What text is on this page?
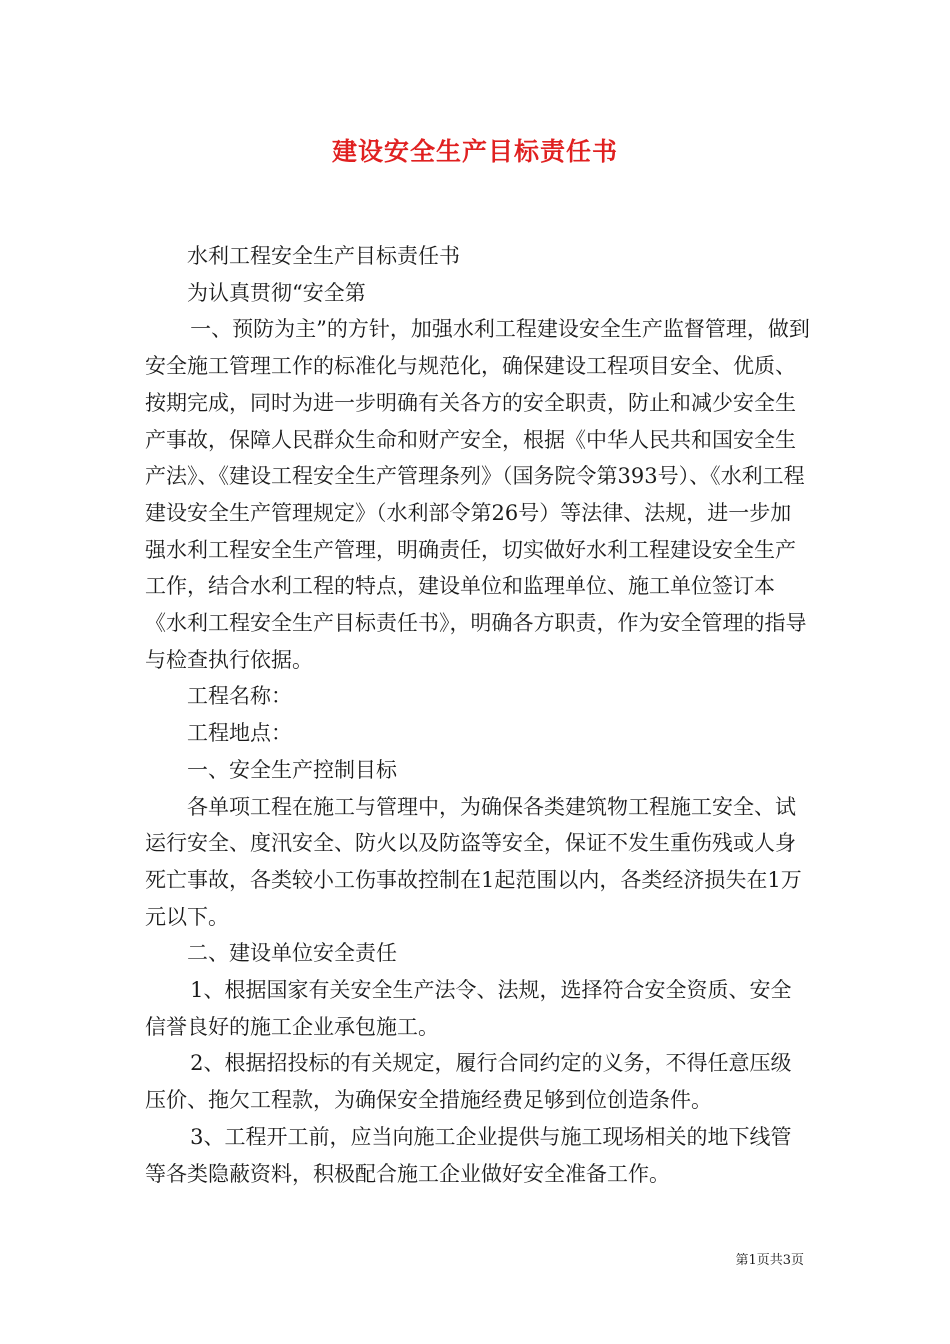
建设安全生产目标责任书

水利工程安全生产目标责任书

为认真贯彻“安全第

一、预防为主”的方针，加强水利工程建设安全生产监督管理，做到安全施工管理工作的标准化与规范化，确保建设工程项目安全、优质、按期完成，同时为进一步明确有关各方的安全职责，防止和减少安全生产事故，保障人民群众生命和财产安全，根据《中华人民共和国安全生产法》、《建设工程安全生产管理条列》（国务院令第393号）、《水利工程建设安全生产管理规定》（水利部令第26号）等法律、法规，进一步加强水利工程安全生产管理，明确责任，切实做好水利工程建设安全生产工作，结合水利工程的特点，建设单位和监理单位、施工单位签订本《水利工程安全生产目标责任书》，明确各方职责，作为安全管理的指导与检查执行依据。

工程名称：

工程地点：

一、安全生产控制目标

各单项工程在施工与管理中，为确保各类建筑物工程施工安全、试运行安全、度汛安全、防火以及防盗等安全，保证不发生重伤残或人身死亡事故，各类较小工伤事故控制在1起范围以内，各类经济损失在1万元以下。

二、建设单位安全责任

1、根据国家有关安全生产法令、法规，选择符合安全资质、安全信誉良好的施工企业承包施工。

2、根据招投标的有关规定，履行合同约定的义务，不得任意压级压价、拖欠工程款，为确保安全措施经费足够到位创造条件。

3、工程开工前，应当向施工企业提供与施工现场相关的地下线管等各类隐蔽资料，积极配合施工企业做好安全准备工作。

第1页共3页
